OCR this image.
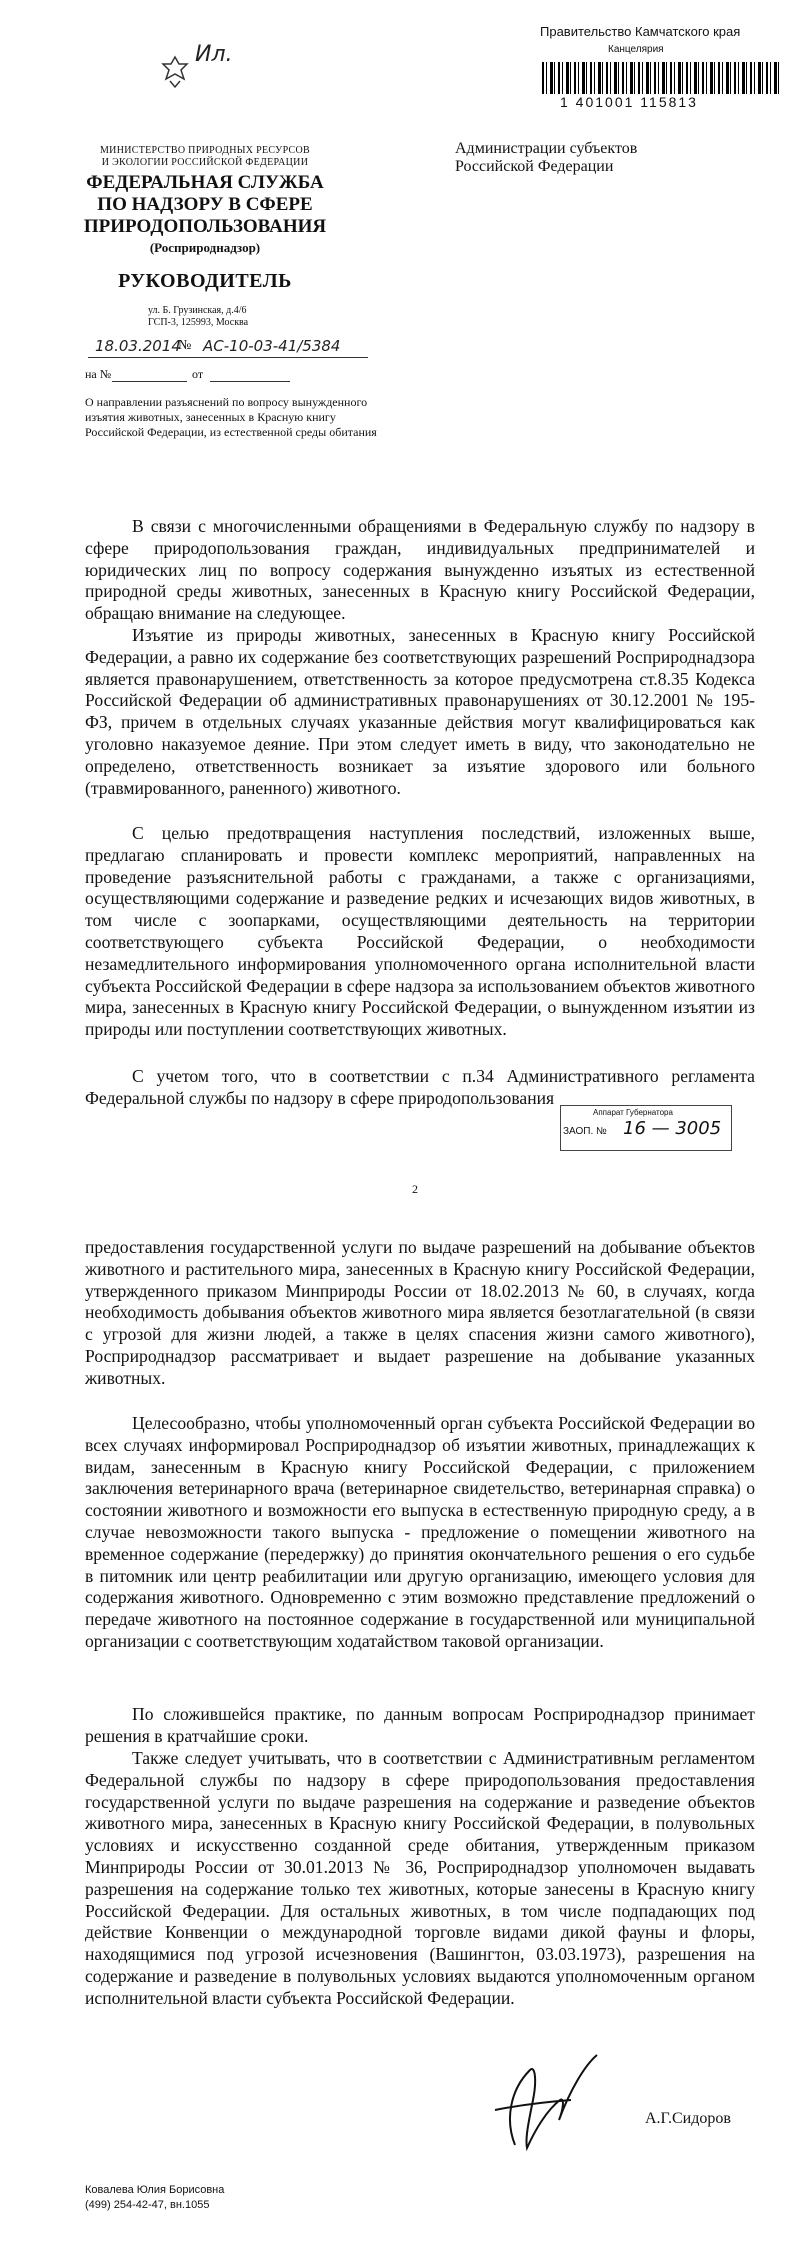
Правительство Камчатского края
Канцелярия
1 401001 115813
Ил.
МИНИСТЕРСТВО ПРИРОДНЫХ РЕСУРСОВ
И ЭКОЛОГИИ РОССИЙСКОЙ ФЕДЕРАЦИИ
ФЕДЕРАЛЬНАЯ СЛУЖБА
ПО НАДЗОРУ В СФЕРЕ
ПРИРОДОПОЛЬЗОВАНИЯ
(Росприроднадзор)
РУКОВОДИТЕЛЬ
ул. Б. Грузинская, д.4/6
ГСП-3, 125993, Москва
18.03.2014
№ АС-10-03-41/5384
на №	от
Администрации субъектов
Российской Федерации
О направлении разъяснений по вопросу вынужденного изъятия животных, занесенных в Красную книгу Российской Федерации, из естественной среды обитания
В связи с многочисленными обращениями в Федеральную службу по надзору в сфере природопользования граждан, индивидуальных предпринимателей и юридических лиц по вопросу содержания вынужденно изъятых из естественной природной среды животных, занесенных в Красную книгу Российской Федерации, обращаю внимание на следующее.
Изъятие из природы животных, занесенных в Красную книгу Российской Федерации, а равно их содержание без соответствующих разрешений Росприроднадзора является правонарушением, ответственность за которое предусмотрена ст.8.35 Кодекса Российской Федерации об административных правонарушениях от 30.12.2001 № 195-ФЗ, причем в отдельных случаях указанные действия могут квалифицироваться как уголовно наказуемое деяние. При этом следует иметь в виду, что законодательно не определено, ответственность возникает за изъятие здорового или больного (травмированного, раненного) животного.
С целью предотвращения наступления последствий, изложенных выше, предлагаю спланировать и провести комплекс мероприятий, направленных на проведение разъяснительной работы с гражданами, а также с организациями, осуществляющими содержание и разведение редких и исчезающих видов животных, в том числе с зоопарками, осуществляющими деятельность на территории соответствующего субъекта Российской Федерации, о необходимости незамедлительного информирования уполномоченного органа исполнительной власти субъекта Российской Федерации в сфере надзора за использованием объектов животного мира, занесенных в Красную книгу Российской Федерации, о вынужденном изъятии из природы или поступлении соответствующих животных.
С учетом того, что в соответствии с п.34 Административного регламента Федеральной службы по надзору в сфере природопользования
Аппарат Губернатора
ЗАОП. № 16 — 3005
2
предоставления государственной услуги по выдаче разрешений на добывание объектов животного и растительного мира, занесенных в Красную книгу Российской Федерации, утвержденного приказом Минприроды России от 18.02.2013 № 60, в случаях, когда необходимость добывания объектов животного мира является безотлагательной (в связи с угрозой для жизни людей, а также в целях спасения жизни самого животного), Росприроднадзор рассматривает и выдает разрешение на добывание указанных животных.
Целесообразно, чтобы уполномоченный орган субъекта Российской Федерации во всех случаях информировал Росприроднадзор об изъятии животных, принадлежащих к видам, занесенным в Красную книгу Российской Федерации, с приложением заключения ветеринарного врача (ветеринарное свидетельство, ветеринарная справка) о состоянии животного и возможности его выпуска в естественную природную среду, а в случае невозможности такого выпуска - предложение о помещении животного на временное содержание (передержку) до принятия окончательного решения о его судьбе в питомник или центр реабилитации или другую организацию, имеющего условия для содержания животного. Одновременно с этим возможно представление предложений о передаче животного на постоянное содержание в государственной или муниципальной организации с соответствующим ходатайством таковой организации.
По сложившейся практике, по данным вопросам Росприроднадзор принимает решения в кратчайшие сроки.
Также следует учитывать, что в соответствии с Административным регламентом Федеральной службы по надзору в сфере природопользования предоставления государственной услуги по выдаче разрешения на содержание и разведение объектов животного мира, занесенных в Красную книгу Российской Федерации, в полувольных условиях и искусственно созданной среде обитания, утвержденным приказом Минприроды России от 30.01.2013 № 36, Росприроднадзор уполномочен выдавать разрешения на содержание только тех животных, которые занесены в Красную книгу Российской Федерации. Для остальных животных, в том числе подпадающих под действие Конвенции о международной торговле видами дикой фауны и флоры, находящимися под угрозой исчезновения (Вашингтон, 03.03.1973), разрешения на содержание и разведение в полувольных условиях выдаются уполномоченным органом исполнительной власти субъекта Российской Федерации.
А.Г.Сидоров
Ковалева Юлия Борисовна
(499) 254-42-47, вн.1055
